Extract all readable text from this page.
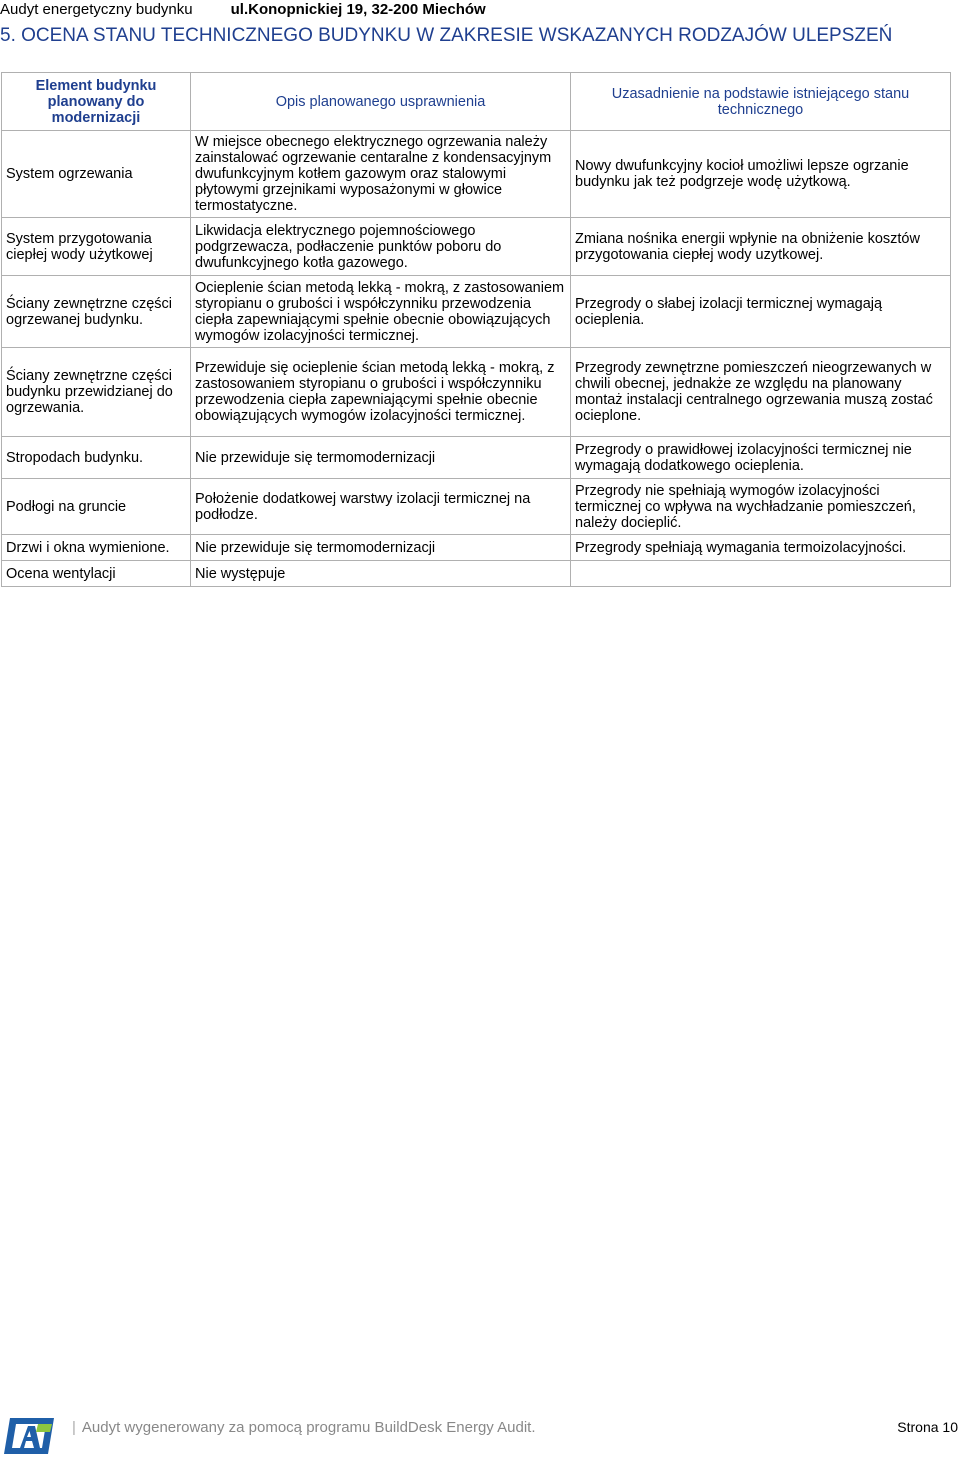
Audyt energetyczny budynku	ul.Konopnickiej 19, 32-200 Miechów
5. OCENA STANU TECHNICZNEGO BUDYNKU W ZAKRESIE WSKAZANYCH RODZAJÓW ULEPSZEŃ
Element budynku planowany do modernizacji	Opis planowanego usprawnienia	Uzasadnienie na podstawie istniejącego stanu technicznego
System ogrzewania	W miejsce obecnego elektrycznego ogrzewania należy zainstalować ogrzewanie centaralne z kondensacyjnym dwufunkcyjnym kotłem gazowym oraz stalowymi płytowymi grzejnikami wyposażonymi w głowice termostatyczne.	Nowy dwufunkcyjny kocioł umożliwi lepsze ogrzanie budynku jak też podgrzeje wodę użytkową.
System przygotowania ciepłej wody użytkowej	Likwidacja elektrycznego pojemnościowego podgrzewacza, podłaczenie punktów poboru do dwufunkcyjnego kotła gazowego.	Zmiana nośnika energii wpłynie na obniżenie kosztów przygotowania ciepłej wody uzytkowej.
Ściany zewnętrzne części ogrzewanej budynku.	Ocieplenie ścian metodą lekką - mokrą, z zastosowaniem styropianu o grubości i współczynniku przewodzenia ciepła zapewniającymi spełnie obecnie obowiązujących wymogów izolacyjności termicznej.	Przegrody o słabej izolacji termicznej wymagają ocieplenia.
Ściany zewnętrzne części budynku przewidzianej do ogrzewania.	Przewiduje się ocieplenie ścian metodą lekką - mokrą, z zastosowaniem styropianu o grubości i współczynniku przewodzenia ciepła zapewniającymi spełnie obecnie obowiązujących wymogów izolacyjności termicznej.	Przegrody zewnętrzne pomieszczeń nieogrzewanych w chwili obecnej, jednakże ze względu na planowany montaż instalacji centralnego ogrzewania muszą zostać ocieplone.
Stropodach budynku.	Nie przewiduje się termomodernizacji	Przegrody o prawidłowej izolacyjności termicznej nie wymagają dodatkowego ocieplenia.
Podłogi na gruncie	Położenie dodatkowej warstwy izolacji termicznej na podłodze.	Przegrody nie spełniają wymogów izolacyjności termicznej co wpływa na wychładzanie pomieszczeń, należy docieplić.
Drzwi i okna wymienione.	Nie przewiduje się termomodernizacji	Przegrody spełniają wymagania termoizolacyjności.
Ocena wentylacji	Nie występuje	
| Audyt wygenerowany za pomocą programu BuildDesk Energy Audit.	Strona 10
